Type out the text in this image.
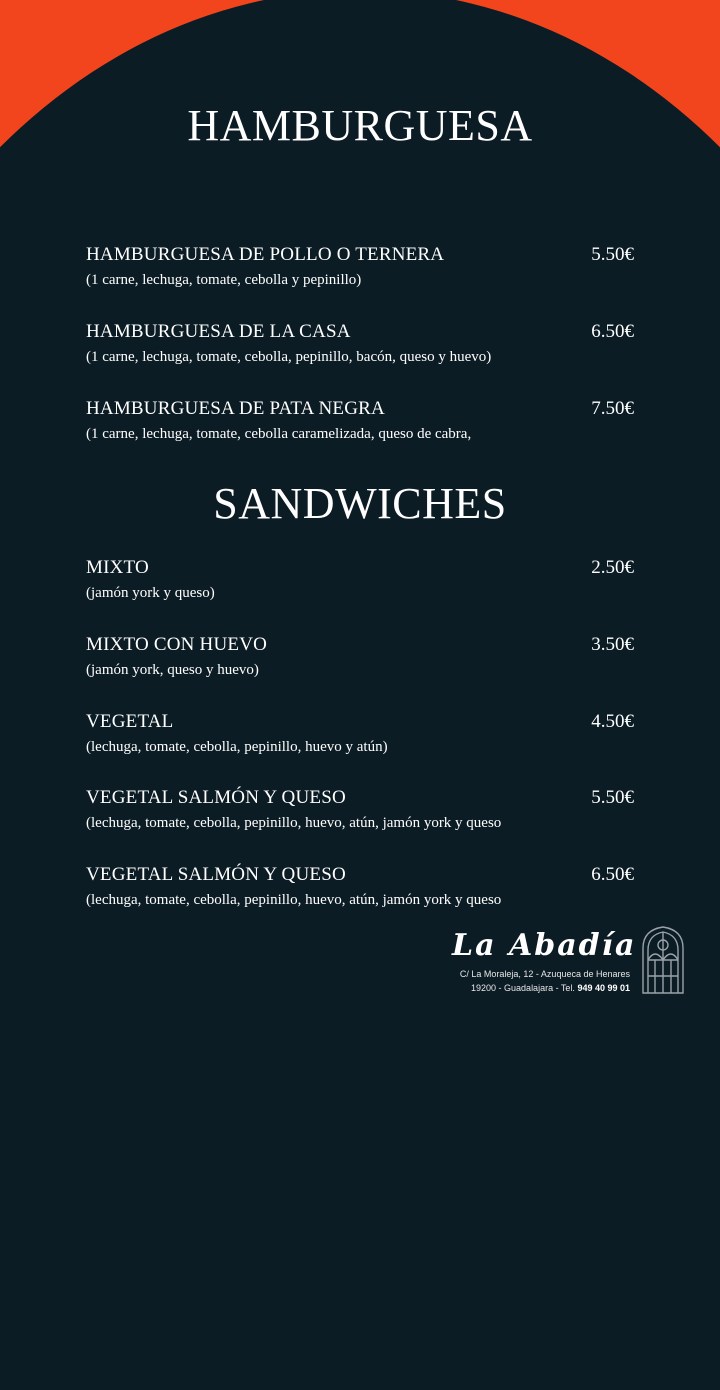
HAMBURGUESA
HAMBURGUESA DE POLLO O TERNERA	5.50€
(1 carne, lechuga, tomate, cebolla y pepinillo)
HAMBURGUESA DE LA CASA	6.50€
(1 carne, lechuga, tomate, cebolla, pepinillo, bacón, queso y huevo)
HAMBURGUESA DE PATA NEGRA	7.50€
(1 carne, lechuga, tomate, cebolla caramelizada, queso de cabra,
SANDWICHES
MIXTO	2.50€
(jamón york y queso)
MIXTO CON HUEVO	3.50€
(jamón york, queso y huevo)
VEGETAL	4.50€
(lechuga, tomate, cebolla, pepinillo, huevo y atún)
VEGETAL SALMÓN Y QUESO	5.50€
(lechuga, tomate, cebolla, pepinillo, huevo, atún, jamón york y queso
VEGETAL SALMÓN Y QUESO	6.50€
(lechuga, tomate, cebolla, pepinillo, huevo, atún, jamón york y queso
La Abadía
C/ La Moraleja, 12 - Azuqueca de Henares
19200 - Guadalajara - Tel. 949 40 99 01
